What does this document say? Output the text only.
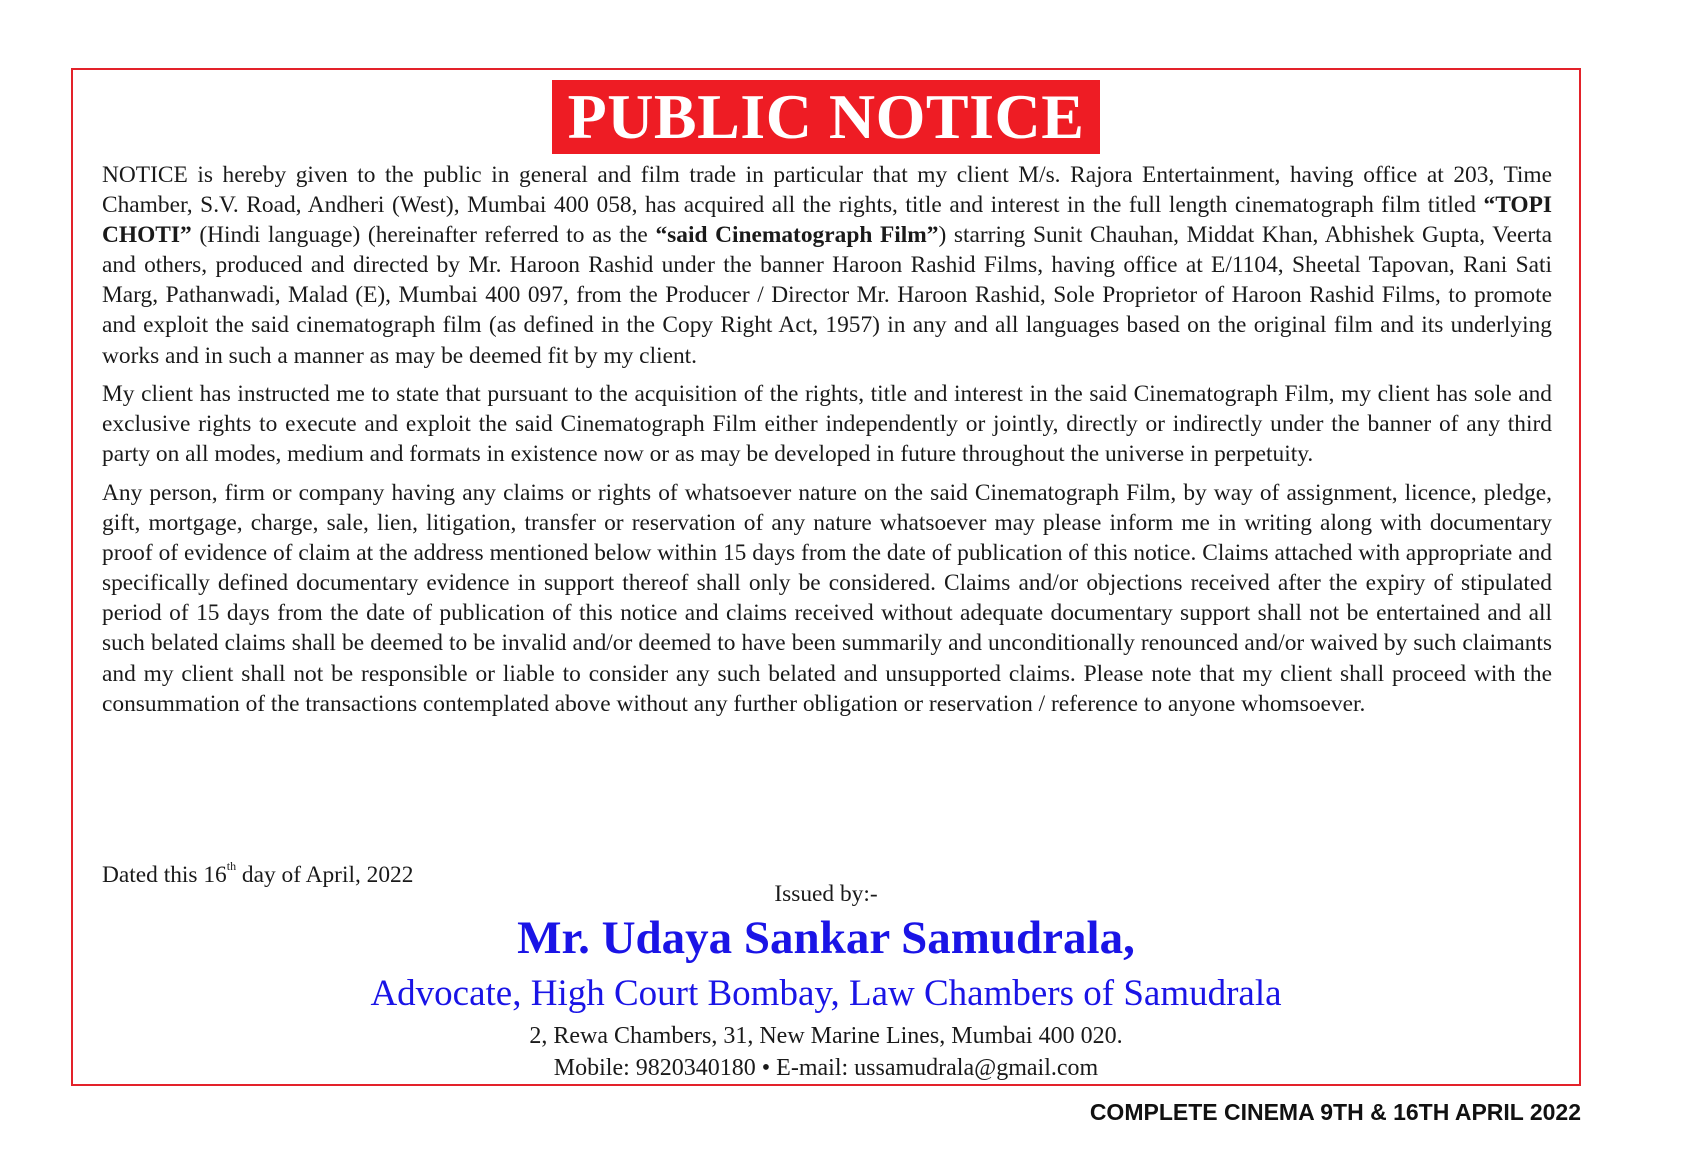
PUBLIC NOTICE

NOTICE is hereby given to the public in general and film trade in particular that my client M/s. Rajora Entertainment, having office at 203, Time Chamber, S.V. Road, Andheri (West), Mumbai 400 058, has acquired all the rights, title and interest in the full length cinematograph film titled “TOPI CHOTI” (Hindi language) (hereinafter referred to as the “said Cinematograph Film”) starring Sunit Chauhan, Middat Khan, Abhishek Gupta, Veerta and others, produced and directed by Mr. Haroon Rashid under the banner Haroon Rashid Films, having office at E/1104, Sheetal Tapovan, Rani Sati Marg, Pathanwadi, Malad (E), Mumbai 400 097, from the Producer / Director Mr. Haroon Rashid, Sole Proprietor of Haroon Rashid Films, to promote and exploit the said cinematograph film (as defined in the Copy Right Act, 1957) in any and all languages based on the original film and its underlying works and in such a manner as may be deemed fit by my client.

My client has instructed me to state that pursuant to the acquisition of the rights, title and interest in the said Cinematograph Film, my client has sole and exclusive rights to execute and exploit the said Cinematograph Film either independently or jointly, directly or indirectly under the banner of any third party on all modes, medium and formats in existence now or as may be developed in future throughout the universe in perpetuity.

Any person, firm or company having any claims or rights of whatsoever nature on the said Cinematograph Film, by way of assignment, licence, pledge, gift, mortgage, charge, sale, lien, litigation, transfer or reservation of any nature whatsoever may please inform me in writing along with documentary proof of evidence of claim at the address mentioned below within 15 days from the date of publication of this notice. Claims attached with appropriate and specifically defined documentary evidence in support thereof shall only be considered. Claims and/or objections received after the expiry of stipulated period of 15 days from the date of publication of this notice and claims received without adequate documentary support shall not be entertained and all such belated claims shall be deemed to be invalid and/or deemed to have been summarily and unconditionally renounced and/or waived by such claimants and my client shall not be responsible or liable to consider any such belated and unsupported claims. Please note that my client shall proceed with the consummation of the transactions contemplated above without any further obligation or reservation / reference to anyone whomsoever.

Dated this 16th day of April, 2022
Issued by:-
Mr. Udaya Sankar Samudrala,
Advocate, High Court Bombay, Law Chambers of Samudrala
2, Rewa Chambers, 31, New Marine Lines, Mumbai 400 020.
Mobile: 9820340180 • E-mail: ussamudrala@gmail.com
COMPLETE CINEMA 9TH & 16TH APRIL 2022
